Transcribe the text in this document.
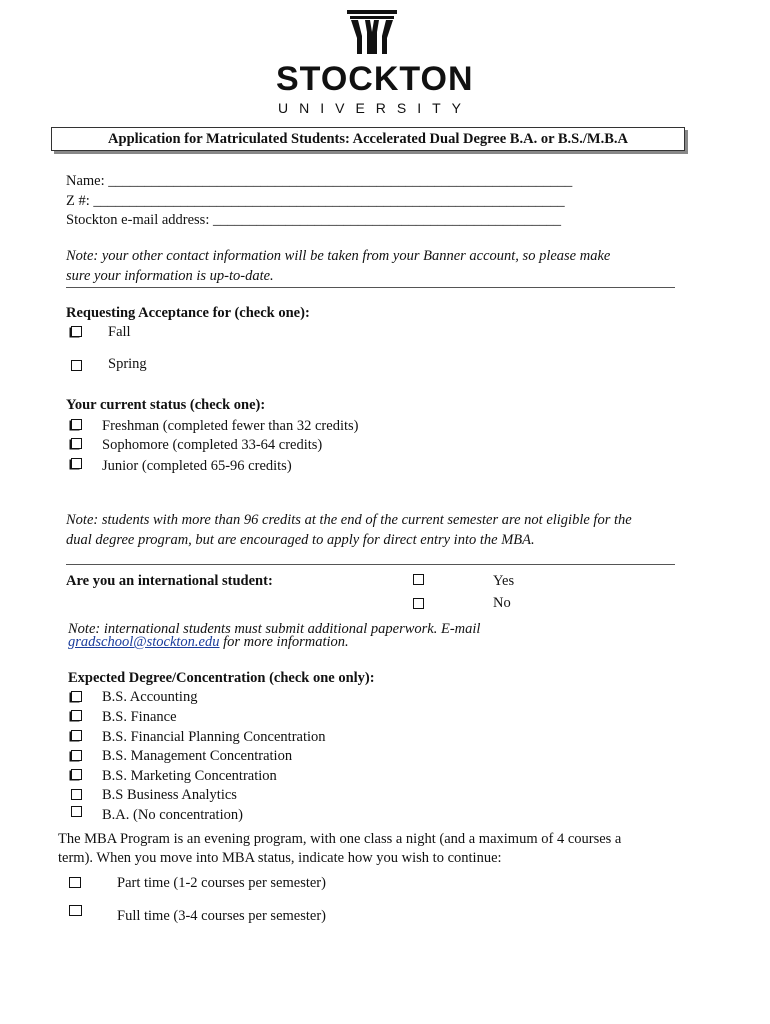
STOCKTON
UNIVERSITY
Application for Matriculated Students: Accelerated Dual Degree B.A. or B.S./M.B.A
Name: ________________________________________________________________
Z #: _________________________________________________________________
Stockton e-mail address: ________________________________________________
Note: your other contact information will be taken from your Banner account, so please make
sure your information is up-to-date.
Requesting Acceptance for (check one):
Fall
Spring
Your current status (check one):
Freshman (completed fewer than 32 credits)
Sophomore (completed 33-64 credits)
Junior (completed 65-96 credits)
Note: students with more than 96 credits at the end of the current semester are not eligible for the
dual degree program, but are encouraged to apply for direct entry into the MBA.
Are you an international student:	Yes
No
Note: international students must submit additional paperwork. E-mail
gradschool@stockton.edu for more information.
Expected Degree/Concentration (check one only):
B.S. Accounting
B.S. Finance
B.S. Financial Planning Concentration
B.S. Management Concentration
B.S. Marketing Concentration
B.S Business Analytics
B.A. (No concentration)
The MBA Program is an evening program, with one class a night (and a maximum of 4 courses a
term). When you move into MBA status, indicate how you wish to continue:
Part time (1-2 courses per semester)
Full time (3-4 courses per semester)
